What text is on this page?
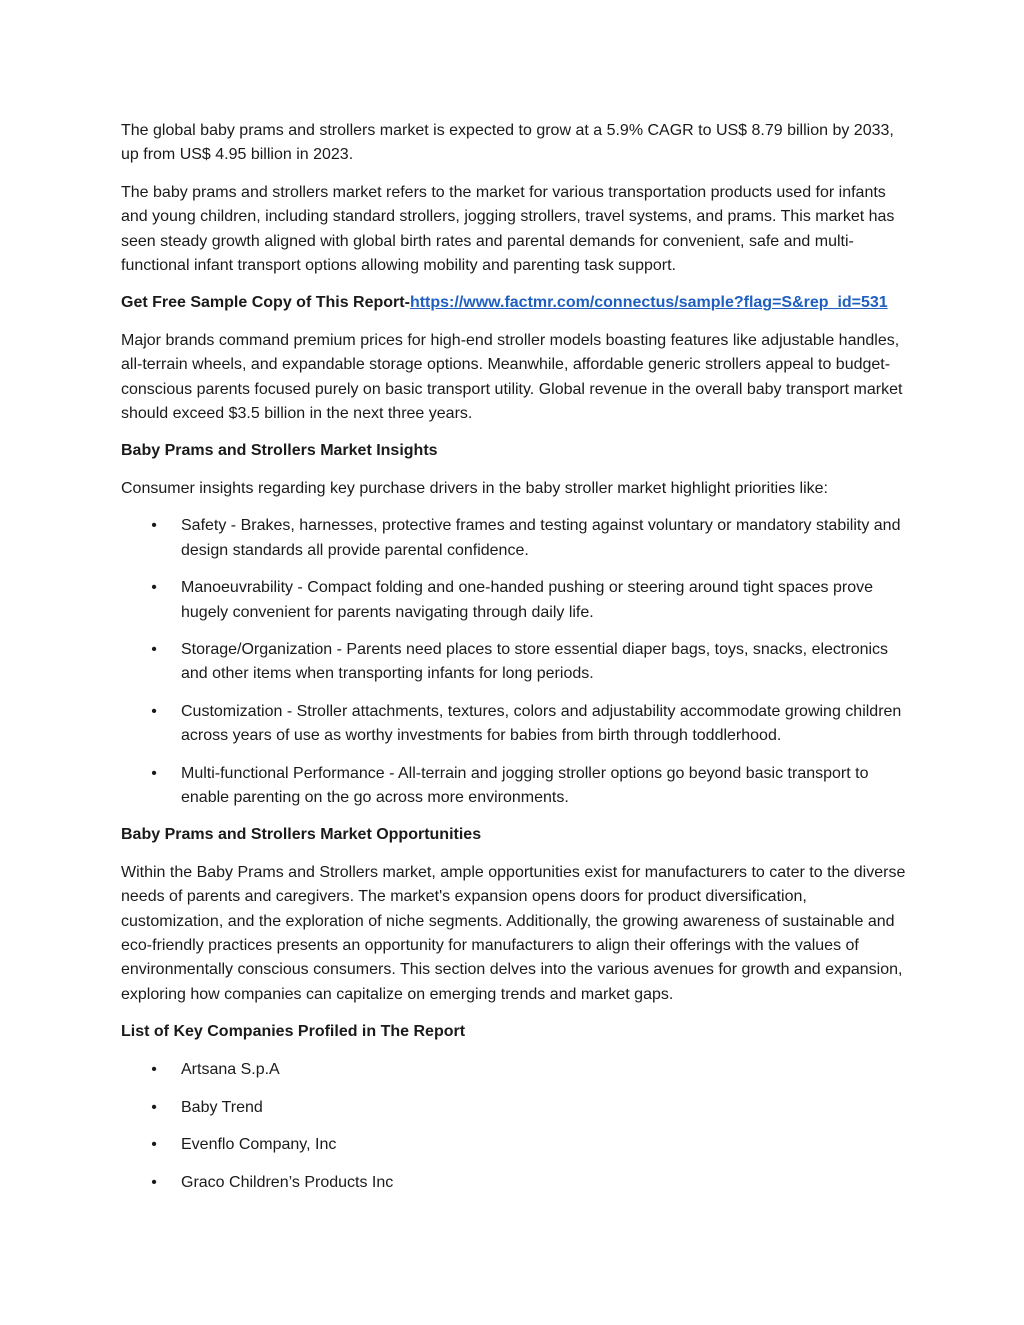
The global baby prams and strollers market is expected to grow at a 5.9% CAGR to US$ 8.79 billion by 2033, up from US$ 4.95 billion in 2023.

The baby prams and strollers market refers to the market for various transportation products used for infants and young children, including standard strollers, jogging strollers, travel systems, and prams. This market has seen steady growth aligned with global birth rates and parental demands for convenient, safe and multi-functional infant transport options allowing mobility and parenting task support.

Get Free Sample Copy of This Report-https://www.factmr.com/connectus/sample?flag=S&rep_id=531

Major brands command premium prices for high-end stroller models boasting features like adjustable handles, all-terrain wheels, and expandable storage options. Meanwhile, affordable generic strollers appeal to budget-conscious parents focused purely on basic transport utility. Global revenue in the overall baby transport market should exceed $3.5 billion in the next three years.

Baby Prams and Strollers Market Insights

Consumer insights regarding key purchase drivers in the baby stroller market highlight priorities like:

• Safety - Brakes, harnesses, protective frames and testing against voluntary or mandatory stability and design standards all provide parental confidence.
• Manoeuvrability - Compact folding and one-handed pushing or steering around tight spaces prove hugely convenient for parents navigating through daily life.
• Storage/Organization - Parents need places to store essential diaper bags, toys, snacks, electronics and other items when transporting infants for long periods.
• Customization - Stroller attachments, textures, colors and adjustability accommodate growing children across years of use as worthy investments for babies from birth through toddlerhood.
• Multi-functional Performance - All-terrain and jogging stroller options go beyond basic transport to enable parenting on the go across more environments.

Baby Prams and Strollers Market Opportunities

Within the Baby Prams and Strollers market, ample opportunities exist for manufacturers to cater to the diverse needs of parents and caregivers. The market's expansion opens doors for product diversification, customization, and the exploration of niche segments. Additionally, the growing awareness of sustainable and eco-friendly practices presents an opportunity for manufacturers to align their offerings with the values of environmentally conscious consumers. This section delves into the various avenues for growth and expansion, exploring how companies can capitalize on emerging trends and market gaps.

List of Key Companies Profiled in The Report

• Artsana S.p.A
• Baby Trend
• Evenflo Company, Inc
• Graco Children’s Products Inc
